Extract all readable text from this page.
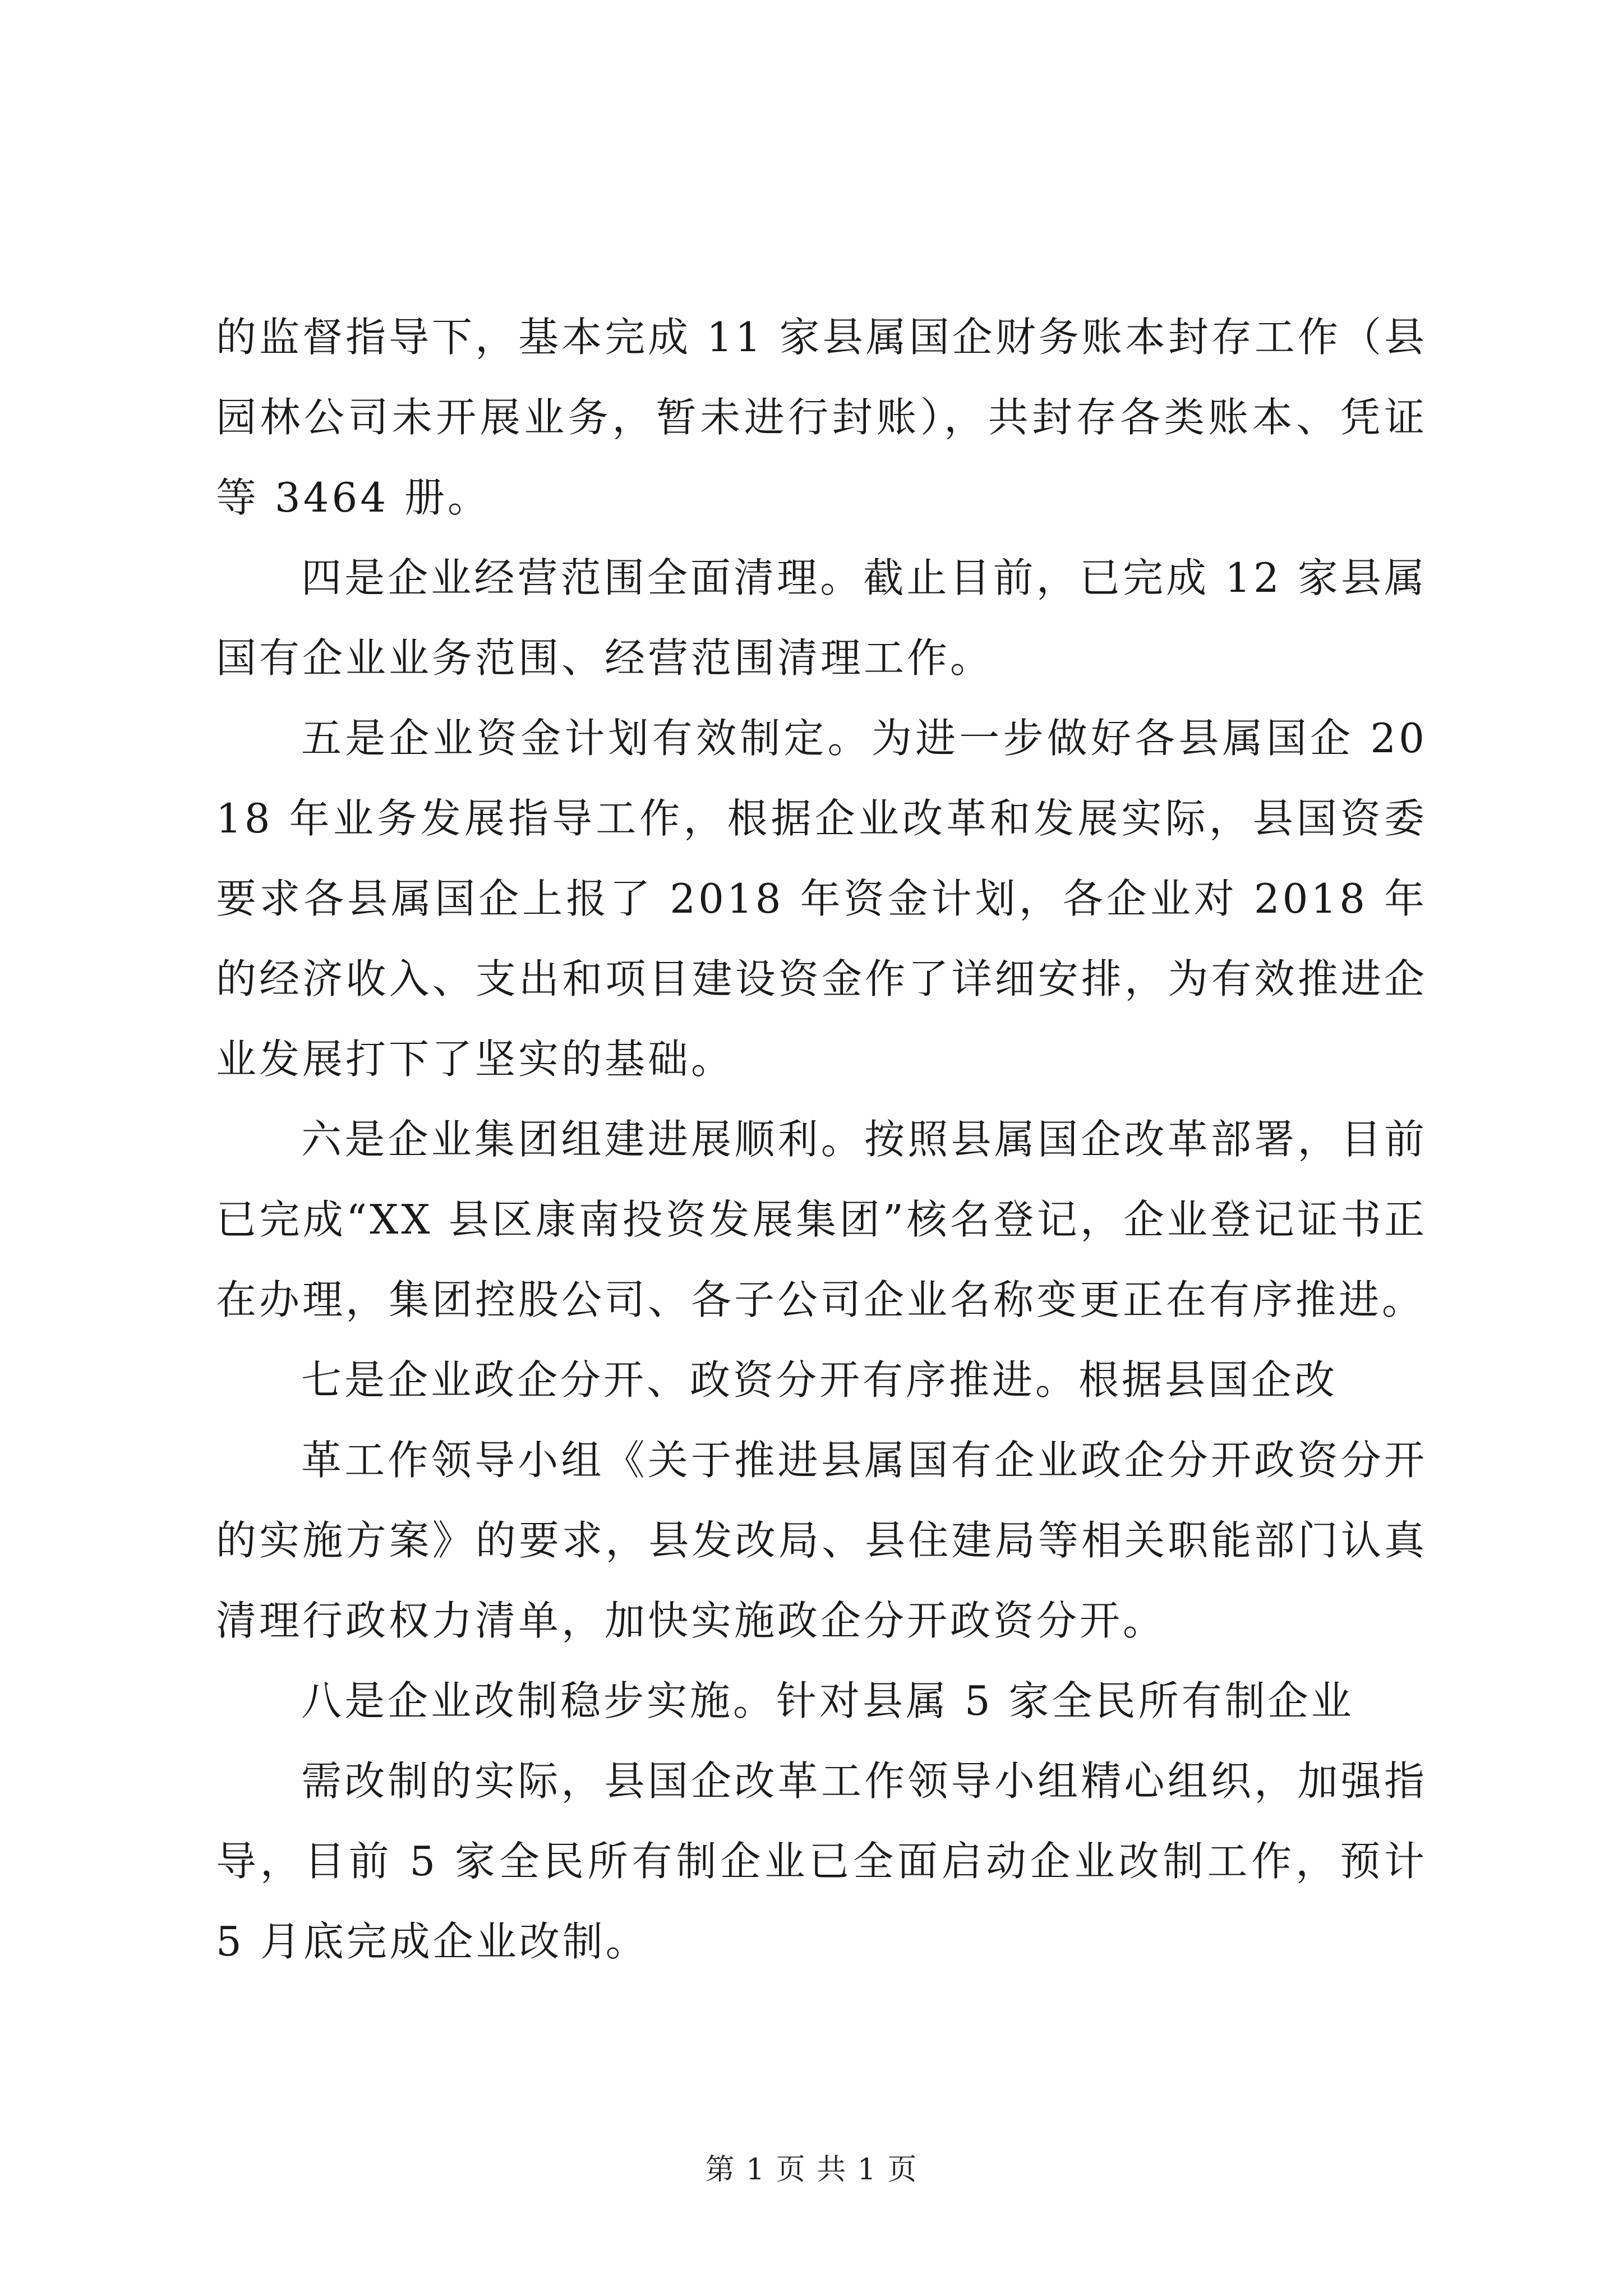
的监督指导下，基本完成 11 家县属国企财务账本封存工作（县园林公司未开展业务，暂未进行封账），共封存各类账本、凭证等 3464 册。

四是企业经营范围全面清理。截止目前，已完成 12 家县属国有企业业务范围、经营范围清理工作。

五是企业资金计划有效制定。为进一步做好各县属国企 2018 年业务发展指导工作，根据企业改革和发展实际，县国资委要求各县属国企上报了 2018 年资金计划，各企业对 2018 年的经济收入、支出和项目建设资金作了详细安排，为有效推进企业发展打下了坚实的基础。

六是企业集团组建进展顺利。按照县属国企改革部署，目前已完成“XX 县区康南投资发展集团”核名登记，企业登记证书正在办理，集团控股公司、各子公司企业名称变更正在有序推进。

七是企业政企分开、政资分开有序推进。根据县国企改

革工作领导小组《关于推进县属国有企业政企分开政资分开的实施方案》的要求，县发改局、县住建局等相关职能部门认真清理行政权力清单，加快实施政企分开政资分开。

八是企业改制稳步实施。针对县属 5 家全民所有制企业

需改制的实际，县国企改革工作领导小组精心组织，加强指导，目前 5 家全民所有制企业已全面启动企业改制工作，预计 5 月底完成企业改制。

第 1 页 共 1 页
